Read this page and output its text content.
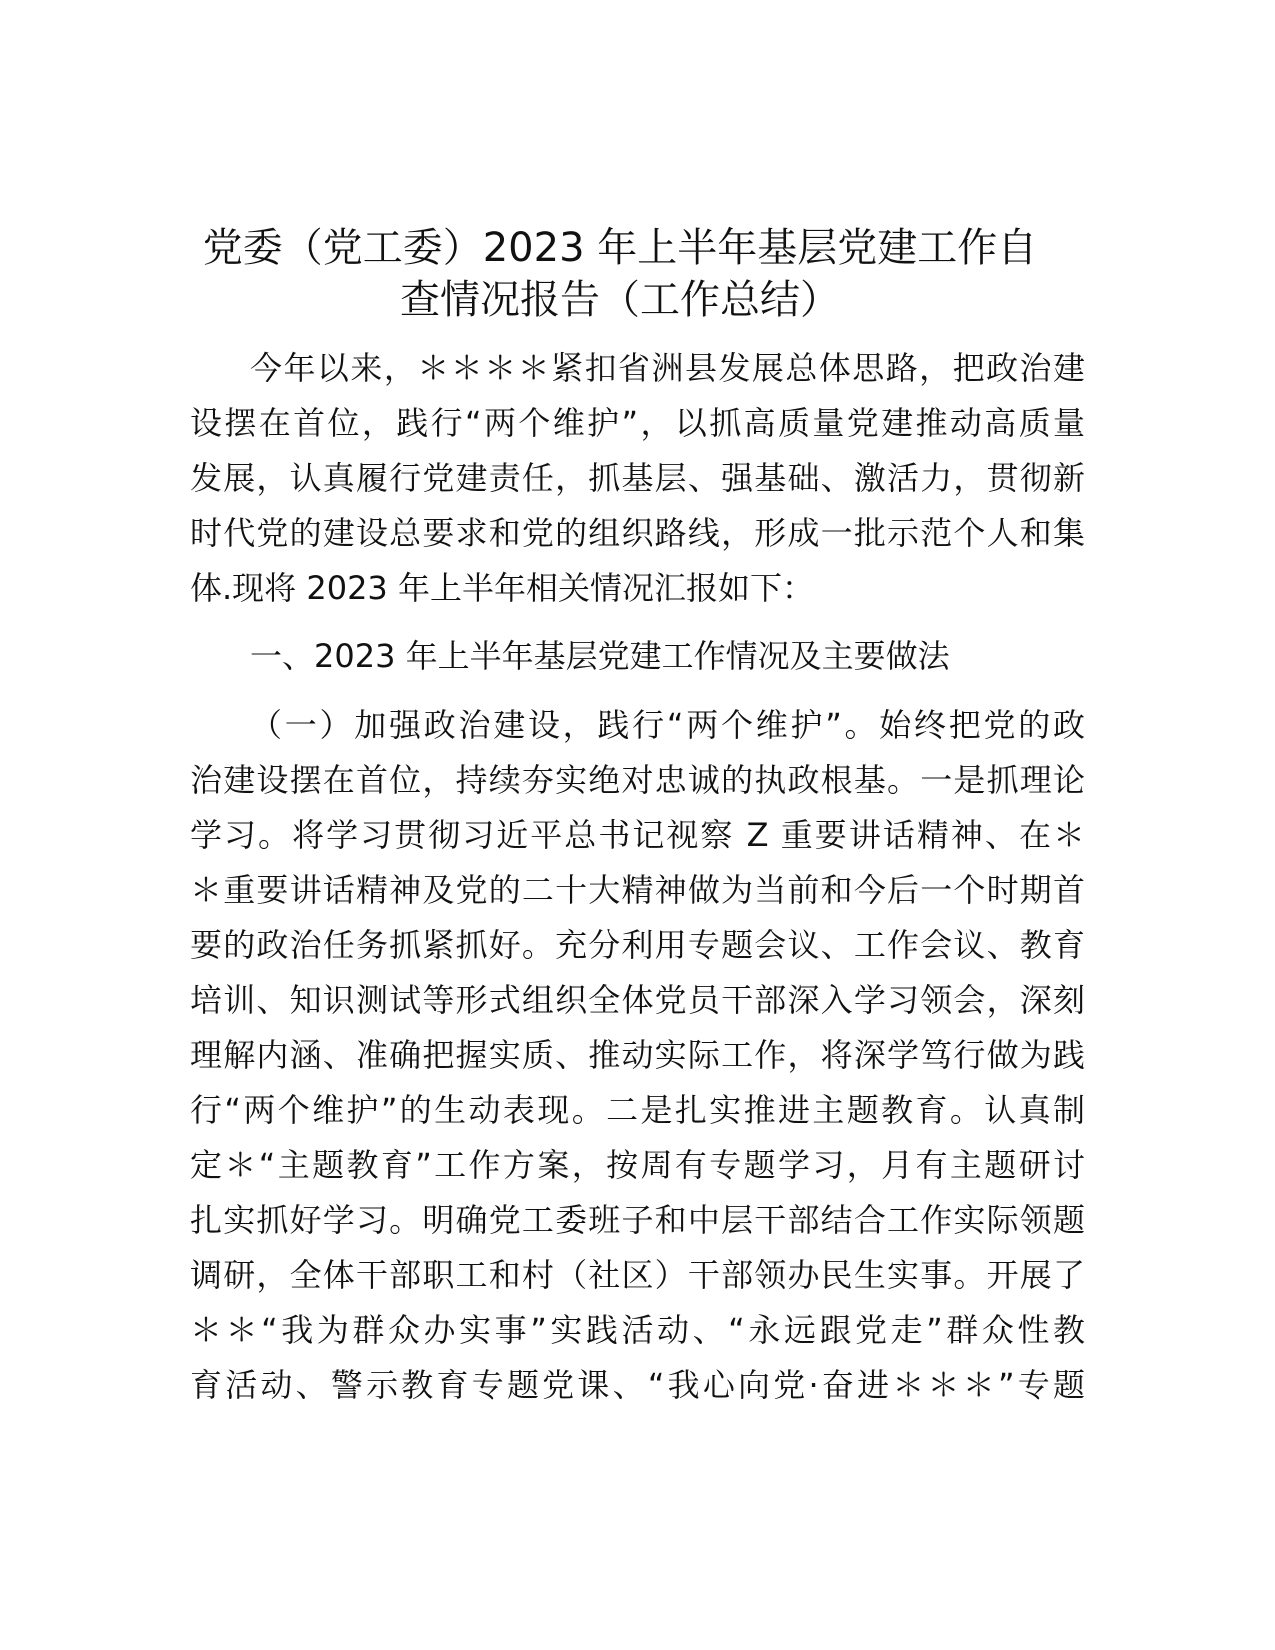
党委（党工委）2023 年上半年基层党建工作自
查情况报告（工作总结）
今年以来，＊＊＊＊紧扣省洲县发展总体思路，把政治建
设摆在首位，践行“两个维护”，以抓高质量党建推动高质量
发展，认真履行党建责任，抓基层、强基础、激活力，贯彻新
时代党的建设总要求和党的组织路线，形成一批示范个人和集
体.现将 2023 年上半年相关情况汇报如下：
一、2023 年上半年基层党建工作情况及主要做法
（一）加强政治建设，践行“两个维护”。始终把党的政
治建设摆在首位，持续夯实绝对忠诚的执政根基。一是抓理论
学习。将学习贯彻习近平总书记视察 Z 重要讲话精神、在＊
＊重要讲话精神及党的二十大精神做为当前和今后一个时期首
要的政治任务抓紧抓好。充分利用专题会议、工作会议、教育
培训、知识测试等形式组织全体党员干部深入学习领会，深刻
理解内涵、准确把握实质、推动实际工作，将深学笃行做为践
行“两个维护”的生动表现。二是扎实推进主题教育。认真制
定＊“主题教育”工作方案，按周有专题学习，月有主题研讨
扎实抓好学习。明确党工委班子和中层干部结合工作实际领题
调研，全体干部职工和村（社区）干部领办民生实事。开展了
＊＊“我为群众办实事”实践活动、“永远跟党走”群众性教
育活动、警示教育专题党课、“我心向党·奋进＊＊＊”专题
